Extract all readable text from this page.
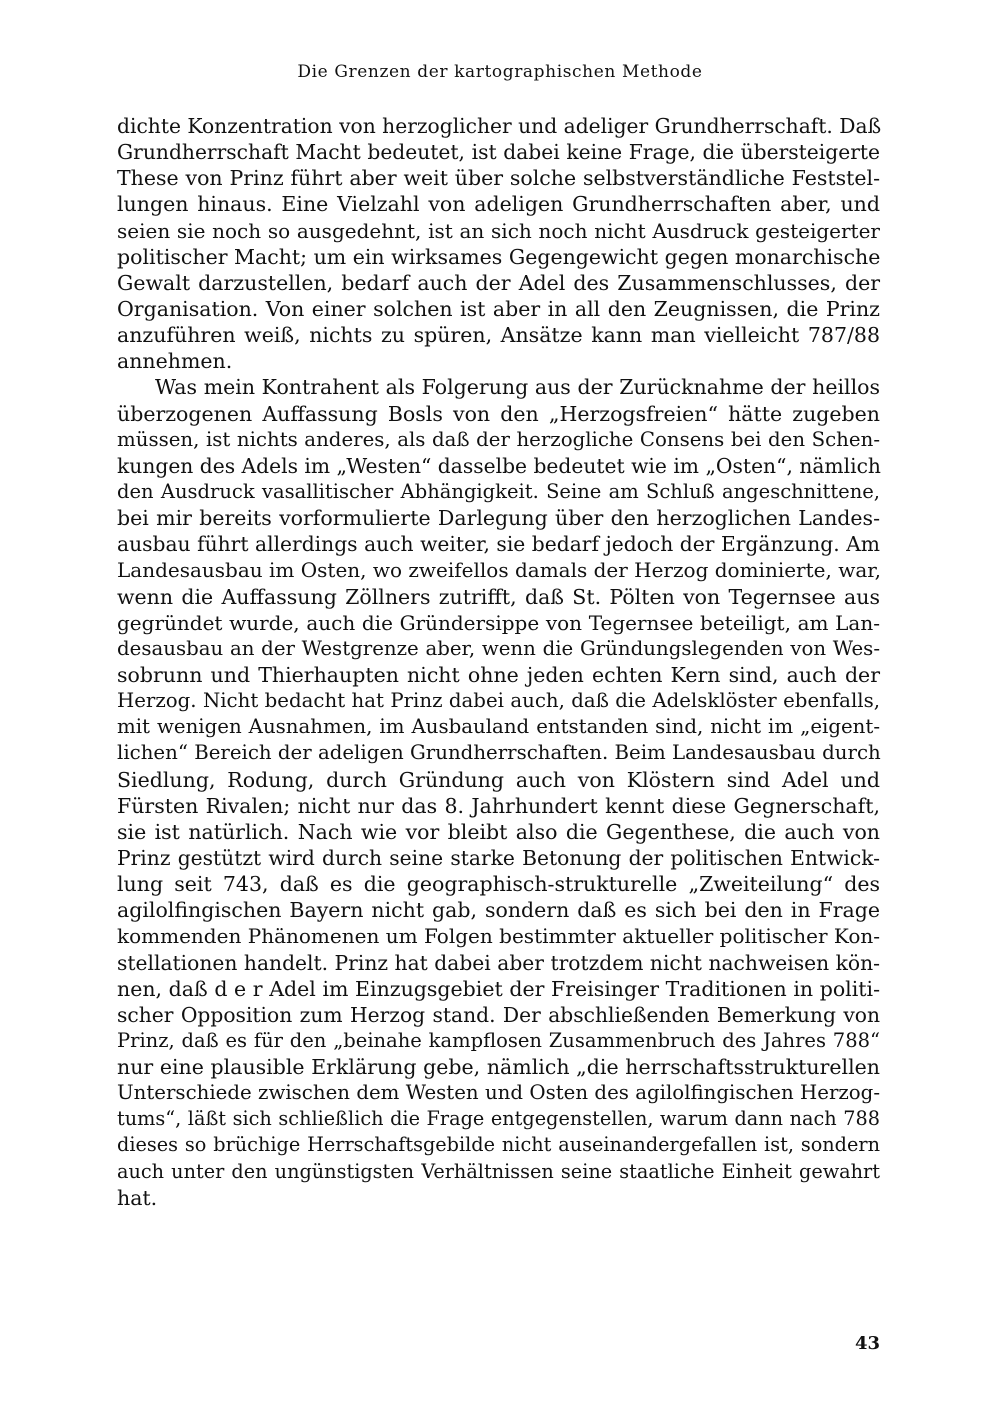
Die Grenzen der kartographischen Methode
dichte Konzentration von herzoglicher und adeliger Grundherrschaft. Daß
Grundherrschaft Macht bedeutet, ist dabei keine Frage, die übersteigerte
These von Prinz führt aber weit über solche selbstverständliche Feststel-
lungen hinaus. Eine Vielzahl von adeligen Grundherrschaften aber, und
seien sie noch so ausgedehnt, ist an sich noch nicht Ausdruck gesteigerter
politischer Macht; um ein wirksames Gegengewicht gegen monarchische
Gewalt darzustellen, bedarf auch der Adel des Zusammenschlusses, der
Organisation. Von einer solchen ist aber in all den Zeugnissen, die Prinz
anzuführen weiß, nichts zu spüren, Ansätze kann man vielleicht 787/88
annehmen.
Was mein Kontrahent als Folgerung aus der Zurücknahme der heillos
überzogenen Auffassung Bosls von den „Herzogsfreien“ hätte zugeben
müssen, ist nichts anderes, als daß der herzogliche Consens bei den Schen-
kungen des Adels im „Westen“ dasselbe bedeutet wie im „Osten“, nämlich
den Ausdruck vasallitischer Abhängigkeit. Seine am Schluß angeschnittene,
bei mir bereits vorformulierte Darlegung über den herzoglichen Landes-
ausbau führt allerdings auch weiter, sie bedarf jedoch der Ergänzung. Am
Landesausbau im Osten, wo zweifellos damals der Herzog dominierte, war,
wenn die Auffassung Zöllners zutrifft, daß St. Pölten von Tegernsee aus
gegründet wurde, auch die Gründersippe von Tegernsee beteiligt, am Lan-
desausbau an der Westgrenze aber, wenn die Gründungslegenden von Wes-
sobrunn und Thierhaupten nicht ohne jeden echten Kern sind, auch der
Herzog. Nicht bedacht hat Prinz dabei auch, daß die Adelsklöster ebenfalls,
mit wenigen Ausnahmen, im Ausbauland entstanden sind, nicht im „eigent-
lichen“ Bereich der adeligen Grundherrschaften. Beim Landesausbau durch
Siedlung, Rodung, durch Gründung auch von Klöstern sind Adel und
Fürsten Rivalen; nicht nur das 8. Jahrhundert kennt diese Gegnerschaft,
sie ist natürlich. Nach wie vor bleibt also die Gegenthese, die auch von
Prinz gestützt wird durch seine starke Betonung der politischen Entwick-
lung seit 743, daß es die geographisch-strukturelle „Zweiteilung“ des
agilolfingischen Bayern nicht gab, sondern daß es sich bei den in Frage
kommenden Phänomenen um Folgen bestimmter aktueller politischer Kon-
stellationen handelt. Prinz hat dabei aber trotzdem nicht nachweisen kön-
nen, daß d e r Adel im Einzugsgebiet der Freisinger Traditionen in politi-
scher Opposition zum Herzog stand. Der abschließenden Bemerkung von
Prinz, daß es für den „beinahe kampflosen Zusammenbruch des Jahres 788“
nur eine plausible Erklärung gebe, nämlich „die herrschaftsstrukturellen
Unterschiede zwischen dem Westen und Osten des agilolfingischen Herzog-
tums“, läßt sich schließlich die Frage entgegenstellen, warum dann nach 788
dieses so brüchige Herrschaftsgebilde nicht auseinandergefallen ist, sondern
auch unter den ungünstigsten Verhältnissen seine staatliche Einheit gewahrt
hat.
43
